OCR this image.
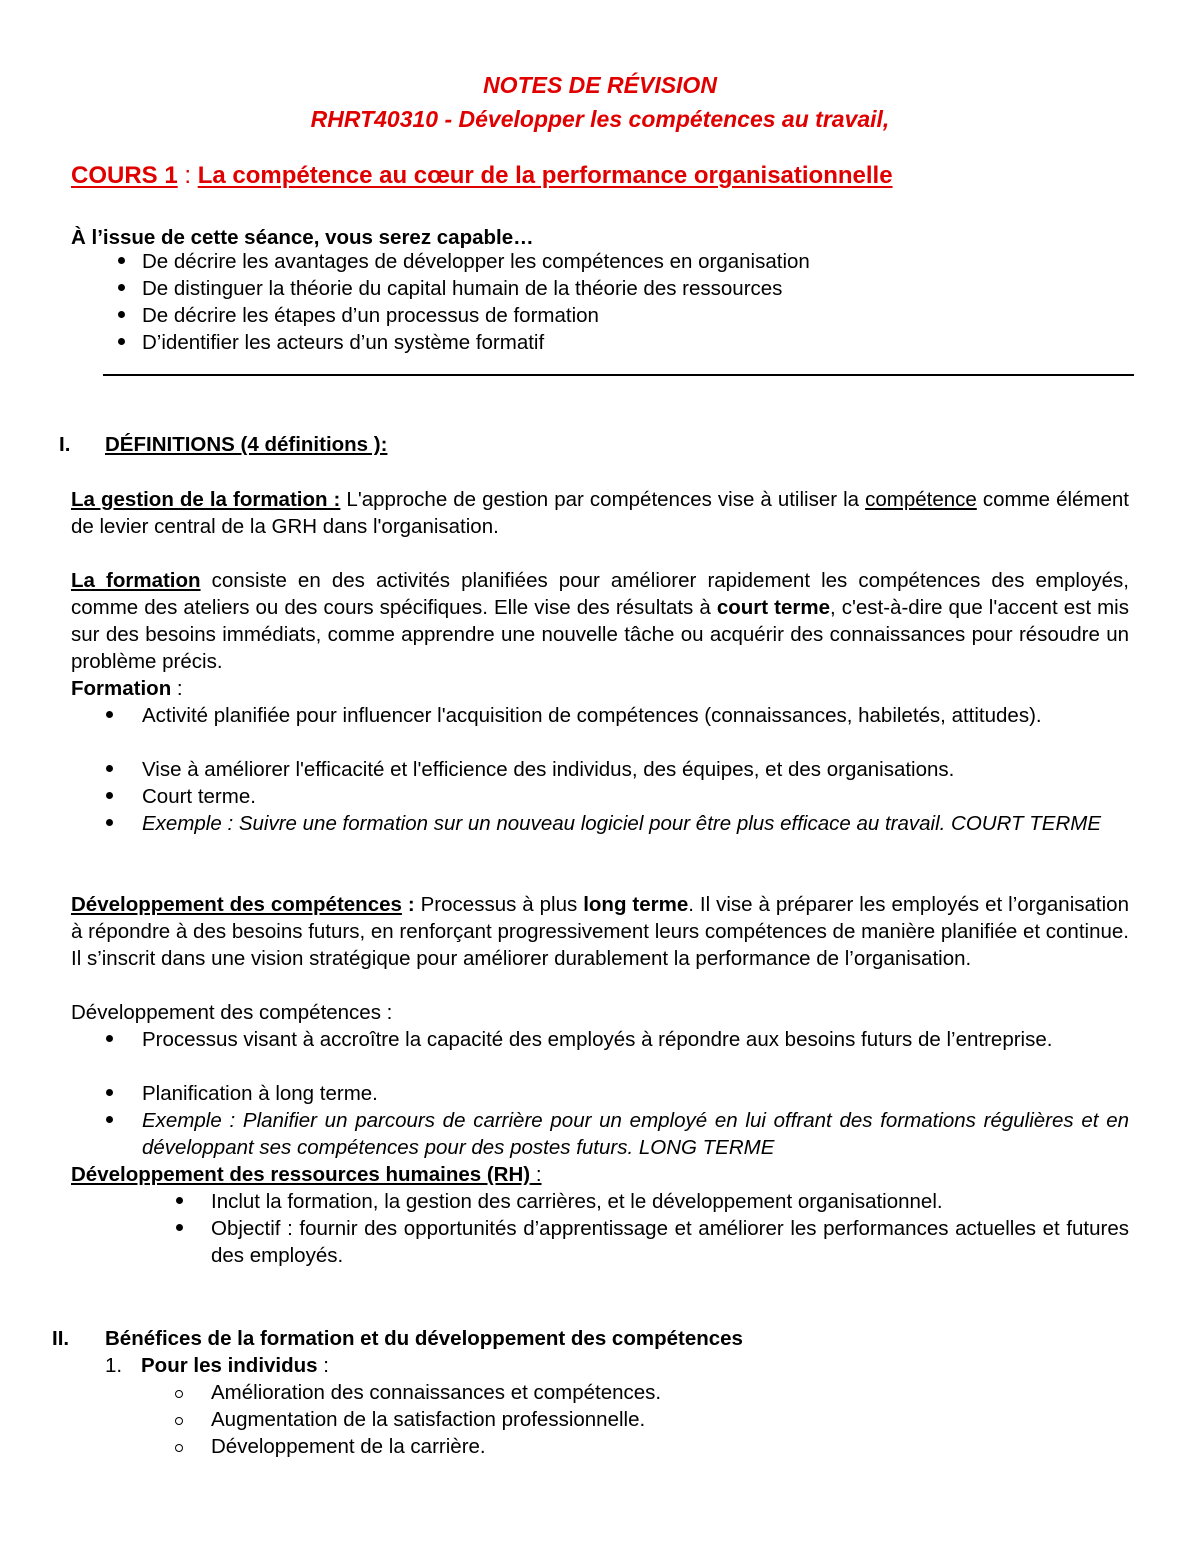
NOTES DE RÉVISION
RHRT40310 - Développer les compétences au travail,
COURS 1 : La compétence au cœur de la performance organisationnelle
À l’issue de cette séance, vous serez capable…
De décrire les avantages de développer les compétences en organisation
De distinguer la théorie du capital humain de la théorie des ressources
De décrire les étapes d’un processus de formation
D’identifier les acteurs d’un système formatif
I. DÉFINITIONS (4 définitions ):
La gestion de la formation : L'approche de gestion par compétences vise à utiliser la compétence comme élément de levier central de la GRH dans l'organisation.
La formation consiste en des activités planifiées pour améliorer rapidement les compétences des employés, comme des ateliers ou des cours spécifiques. Elle vise des résultats à court terme, c'est-à-dire que l'accent est mis sur des besoins immédiats, comme apprendre une nouvelle tâche ou acquérir des connaissances pour résoudre un problème précis.
Formation :
Activité planifiée pour influencer l'acquisition de compétences (connaissances, habiletés, attitudes).
Vise à améliorer l'efficacité et l'efficience des individus, des équipes, et des organisations.
Court terme.
Exemple : Suivre une formation sur un nouveau logiciel pour être plus efficace au travail. COURT TERME
Développement des compétences : Processus à plus long terme. Il vise à préparer les employés et l’organisation à répondre à des besoins futurs, en renforçant progressivement leurs compétences de manière planifiée et continue. Il s’inscrit dans une vision stratégique pour améliorer durablement la performance de l’organisation.
Développement des compétences :
Processus visant à accroître la capacité des employés à répondre aux besoins futurs de l’entreprise.
Planification à long terme.
Exemple : Planifier un parcours de carrière pour un employé en lui offrant des formations régulières et en développant ses compétences pour des postes futurs. LONG TERME
Développement des ressources humaines (RH) :
Inclut la formation, la gestion des carrières, et le développement organisationnel.
Objectif : fournir des opportunités d’apprentissage et améliorer les performances actuelles et futures des employés.
II. Bénéfices de la formation et du développement des compétences
1. Pour les individus :
Amélioration des connaissances et compétences.
Augmentation de la satisfaction professionnelle.
Développement de la carrière.
